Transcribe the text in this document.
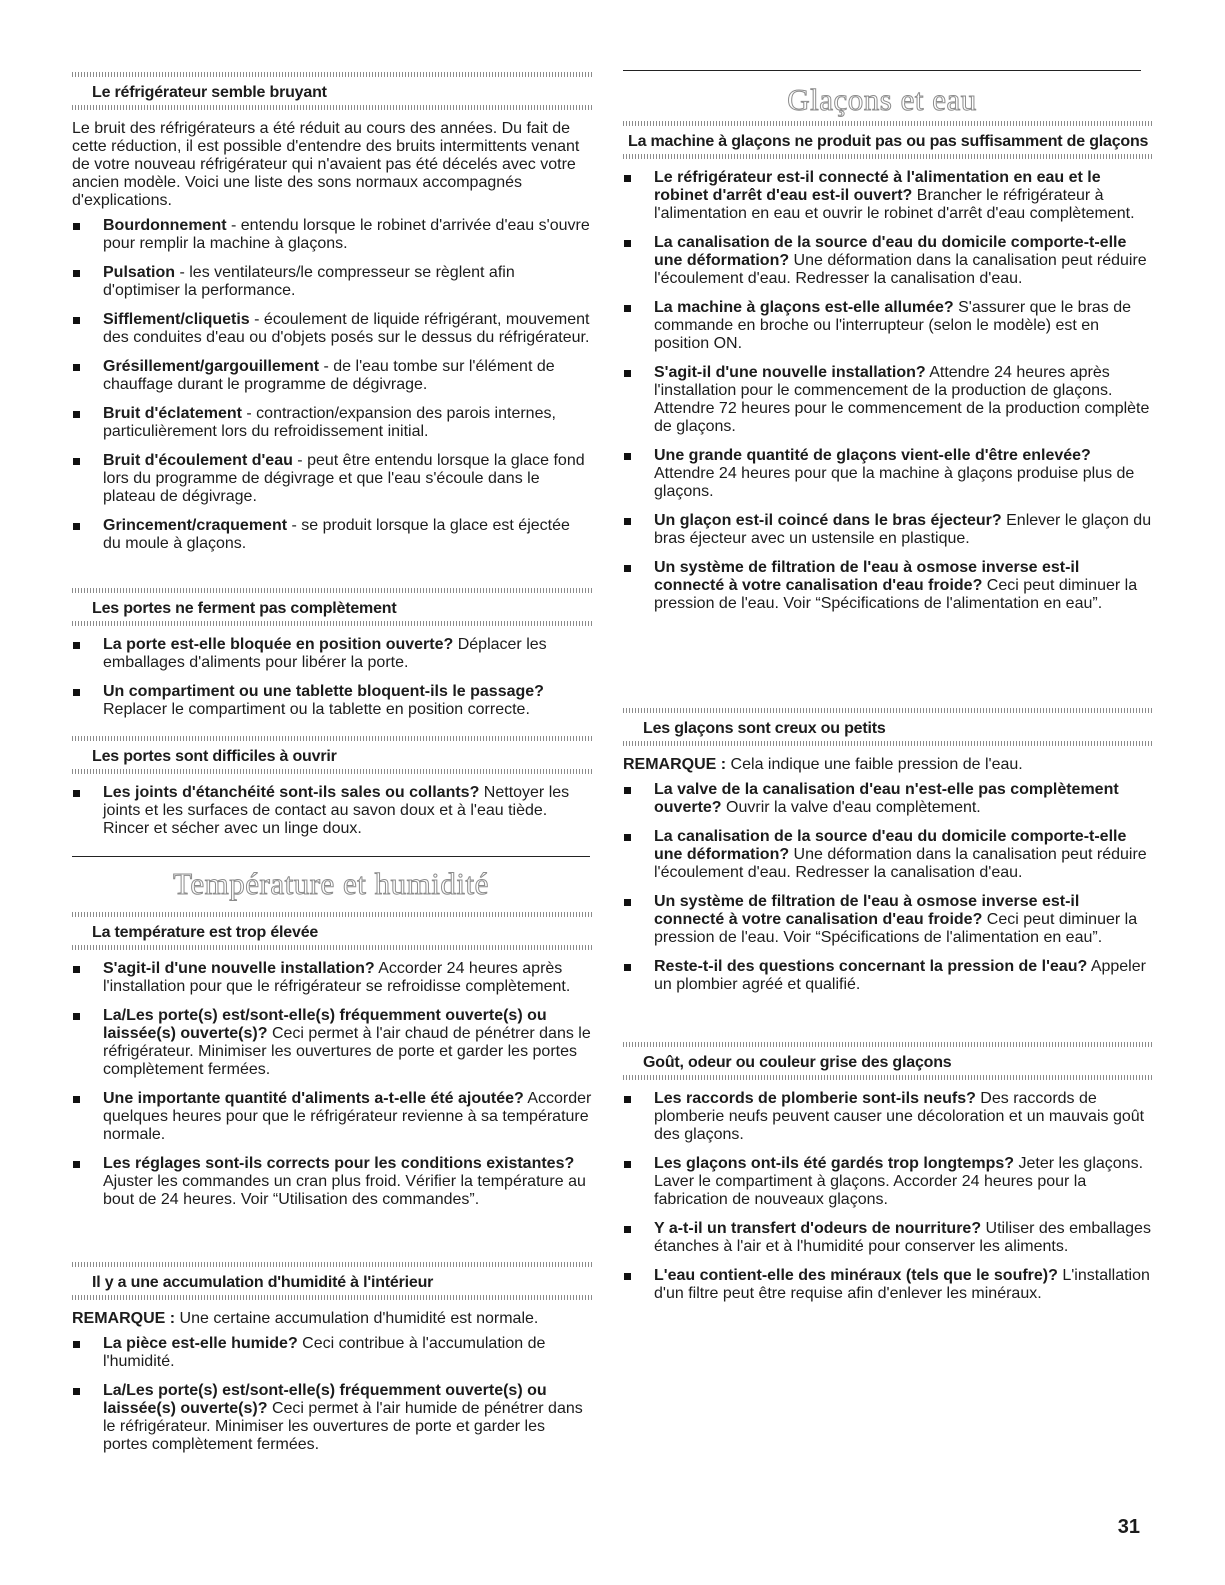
Le réfrigérateur semble bruyant

Le bruit des réfrigérateurs a été réduit au cours des années. Du fait de cette réduction, il est possible d'entendre des bruits intermittents venant de votre nouveau réfrigérateur qui n'avaient pas été décelés avec votre ancien modèle. Voici une liste des sons normaux accompagnés d'explications.

Bourdonnement - entendu lorsque le robinet d'arrivée d'eau s'ouvre pour remplir la machine à glaçons.
Pulsation - les ventilateurs/le compresseur se règlent afin d'optimiser la performance.
Sifflement/cliquetis - écoulement de liquide réfrigérant, mouvement des conduites d'eau ou d'objets posés sur le dessus du réfrigérateur.
Grésillement/gargouillement - de l'eau tombe sur l'élément de chauffage durant le programme de dégivrage.
Bruit d'éclatement - contraction/expansion des parois internes, particulièrement lors du refroidissement initial.
Bruit d'écoulement d'eau - peut être entendu lorsque la glace fond lors du programme de dégivrage et que l'eau s'écoule dans le plateau de dégivrage.
Grincement/craquement - se produit lorsque la glace est éjectée du moule à glaçons.
Les portes ne ferment pas complètement
La porte est-elle bloquée en position ouverte? Déplacer les emballages d'aliments pour libérer la porte.
Un compartiment ou une tablette bloquent-ils le passage? Replacer le compartiment ou la tablette en position correcte.
Les portes sont difficiles à ouvrir
Les joints d'étanchéité sont-ils sales ou collants? Nettoyer les joints et les surfaces de contact au savon doux et à l'eau tiède. Rincer et sécher avec un linge doux.
Température et humidité
La température est trop élevée
S'agit-il d'une nouvelle installation? Accorder 24 heures après l'installation pour que le réfrigérateur se refroidisse complètement.
La/Les porte(s) est/sont-elle(s) fréquemment ouverte(s) ou laissée(s) ouverte(s)? Ceci permet à l'air chaud de pénétrer dans le réfrigérateur. Minimiser les ouvertures de porte et garder les portes complètement fermées.
Une importante quantité d'aliments a-t-elle été ajoutée? Accorder quelques heures pour que le réfrigérateur revienne à sa température normale.
Les réglages sont-ils corrects pour les conditions existantes? Ajuster les commandes un cran plus froid. Vérifier la température au bout de 24 heures. Voir “Utilisation des commandes”.
Il y a une accumulation d'humidité à l'intérieur

REMARQUE : Une certaine accumulation d'humidité est normale.

La pièce est-elle humide? Ceci contribue à l'accumulation de l'humidité.
La/Les porte(s) est/sont-elle(s) fréquemment ouverte(s) ou laissée(s) ouverte(s)? Ceci permet à l'air humide de pénétrer dans le réfrigérateur. Minimiser les ouvertures de porte et garder les portes complètement fermées.
Glaçons et eau
La machine à glaçons ne produit pas ou pas suffisamment de glaçons
Le réfrigérateur est-il connecté à l'alimentation en eau et le robinet d'arrêt d'eau est-il ouvert? Brancher le réfrigérateur à l'alimentation en eau et ouvrir le robinet d'arrêt d'eau complètement.
La canalisation de la source d'eau du domicile comporte-t-elle une déformation? Une déformation dans la canalisation peut réduire l'écoulement d'eau. Redresser la canalisation d'eau.
La machine à glaçons est-elle allumée? S'assurer que le bras de commande en broche ou l'interrupteur (selon le modèle) est en position ON.
S'agit-il d'une nouvelle installation? Attendre 24 heures après l'installation pour le commencement de la production de glaçons. Attendre 72 heures pour le commencement de la production complète de glaçons.
Une grande quantité de glaçons vient-elle d'être enlevée? Attendre 24 heures pour que la machine à glaçons produise plus de glaçons.
Un glaçon est-il coincé dans le bras éjecteur? Enlever le glaçon du bras éjecteur avec un ustensile en plastique.
Un système de filtration de l'eau à osmose inverse est-il connecté à votre canalisation d'eau froide? Ceci peut diminuer la pression de l'eau. Voir “Spécifications de l'alimentation en eau”.
Les glaçons sont creux ou petits

REMARQUE : Cela indique une faible pression de l'eau.

La valve de la canalisation d'eau n'est-elle pas complètement ouverte? Ouvrir la valve d'eau complètement.
La canalisation de la source d'eau du domicile comporte-t-elle une déformation? Une déformation dans la canalisation peut réduire l'écoulement d'eau. Redresser la canalisation d'eau.
Un système de filtration de l'eau à osmose inverse est-il connecté à votre canalisation d'eau froide? Ceci peut diminuer la pression de l'eau. Voir “Spécifications de l'alimentation en eau”.
Reste-t-il des questions concernant la pression de l'eau? Appeler un plombier agréé et qualifié.
Goût, odeur ou couleur grise des glaçons
Les raccords de plomberie sont-ils neufs? Des raccords de plomberie neufs peuvent causer une décoloration et un mauvais goût des glaçons.
Les glaçons ont-ils été gardés trop longtemps? Jeter les glaçons. Laver le compartiment à glaçons. Accorder 24 heures pour la fabrication de nouveaux glaçons.
Y a-t-il un transfert d'odeurs de nourriture? Utiliser des emballages étanches à l'air et à l'humidité pour conserver les aliments.
L'eau contient-elle des minéraux (tels que le soufre)? L'installation d'un filtre peut être requise afin d'enlever les minéraux.
31
